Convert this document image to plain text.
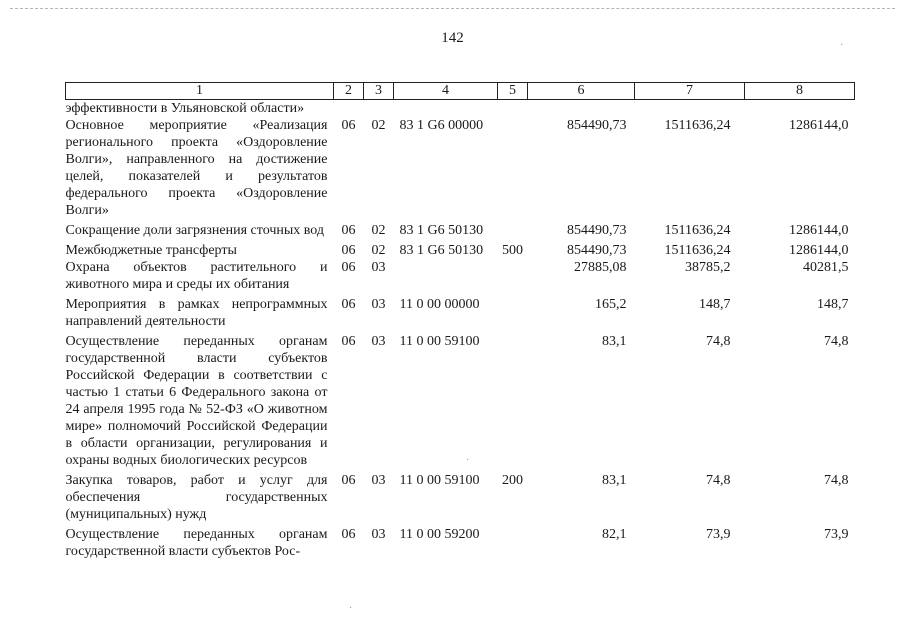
142
1	2	3	4	5	6	7	8
эффективности в Ульяновской области»							
Основное мероприятие «Реализация регионального проекта «Оздоровление Волги», направленного на достижение целей, показателей и результатов федерального проекта «Оздоровление Волги»	06	02	83 1 G6 00000		854490,73	1511636,24	1286144,0
Сокращение доли загрязнения сточных вод	06	02	83 1 G6 50130		854490,73	1511636,24	1286144,0
Межбюджетные трансферты	06	02	83 1 G6 50130	500	854490,73	1511636,24	1286144,0
Охрана объектов растительного и животного мира и среды их обитания	06	03			27885,08	38785,2	40281,5
Мероприятия в рамках непрограммных направлений деятельности	06	03	11 0 00 00000		165,2	148,7	148,7
Осуществление переданных органам государственной власти субъектов Российской Федерации в соответствии с частью 1 статьи 6 Федерального закона от 24 апреля 1995 года № 52-ФЗ «О животном мире» полномочий Российской Федерации в области организации, регулирования и охраны водных биологических ресурсов	06	03	11 0 00 59100		83,1	74,8	74,8
Закупка товаров, работ и услуг для обеспечения государственных (муниципальных) нужд	06	03	11 0 00 59100	200	83,1	74,8	74,8
Осуществление переданных органам государственной власти субъектов Рос-	06	03	11 0 00 59200		82,1	73,9	73,9
·
·
·
